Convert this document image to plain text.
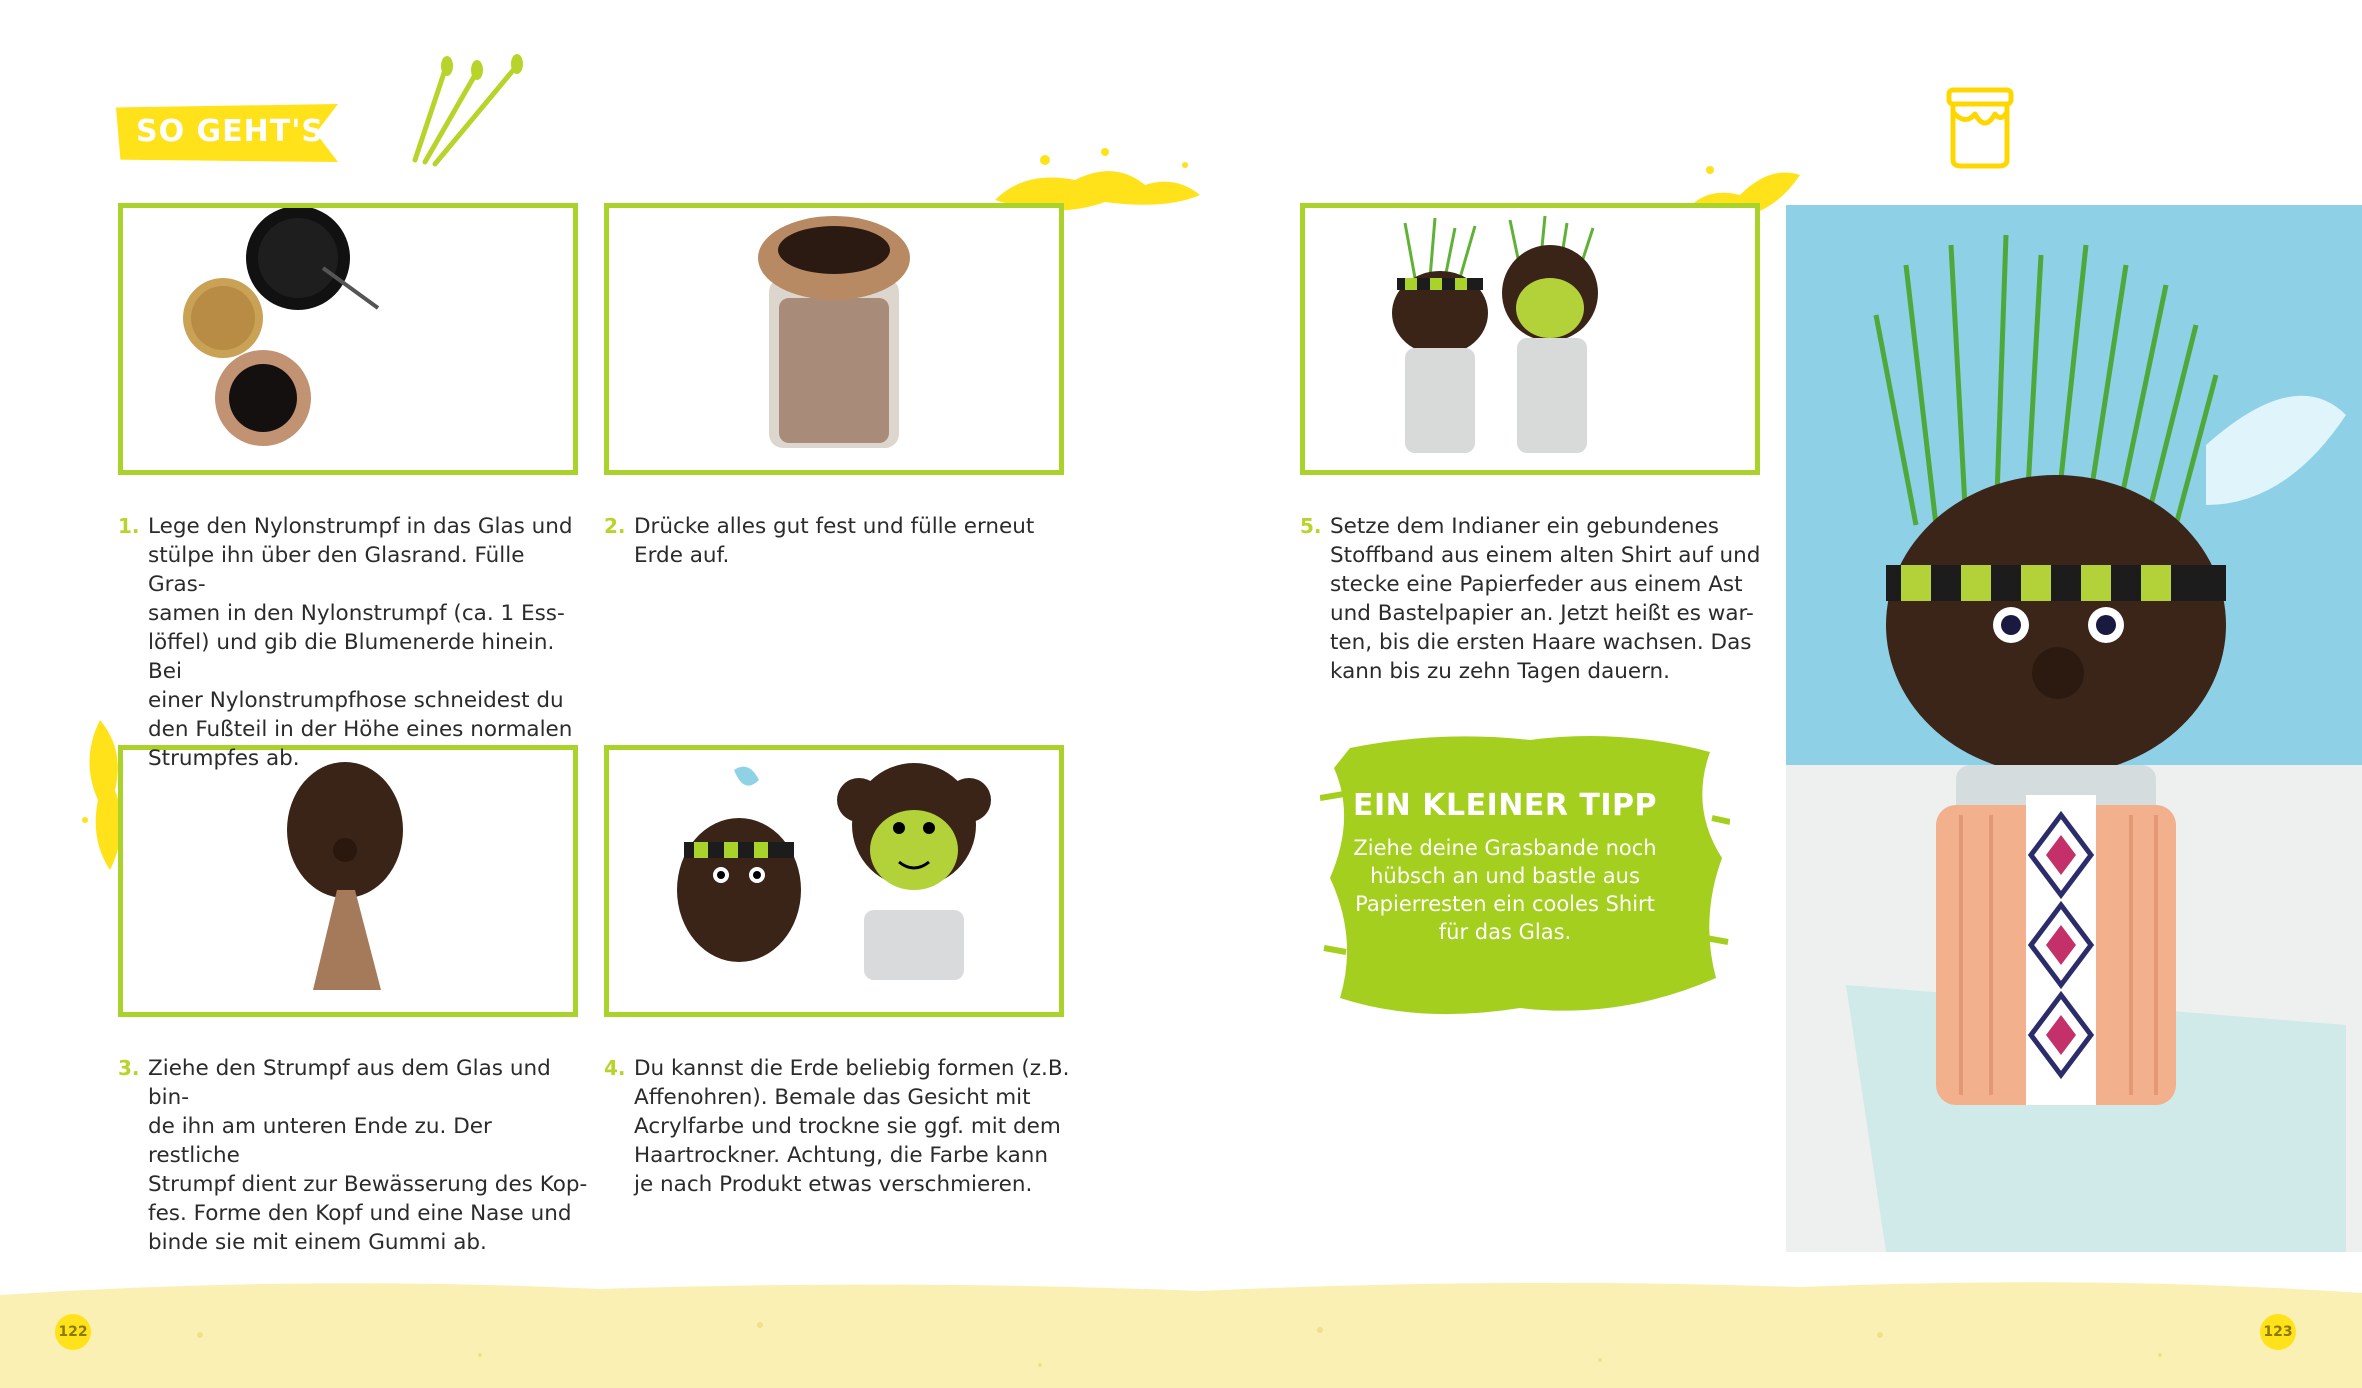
SO GEHT'S:
1. Lege den Nylonstrumpf in das Glas und
stülpe ihn über den Glasrand. Fülle Gras-
samen in den Nylonstrumpf (ca. 1 Ess-
löffel) und gib die Blumenerde hinein. Bei
einer Nylonstrumpfhose schneidest du
den Fußteil in der Höhe eines normalen
Strumpfes ab.
2. Drücke alles gut fest und fülle erneut
Erde auf.
3. Ziehe den Strumpf aus dem Glas und bin-
de ihn am unteren Ende zu. Der restliche
Strumpf dient zur Bewässerung des Kop-
fes. Forme den Kopf und eine Nase und
binde sie mit einem Gummi ab.
4. Du kannst die Erde beliebig formen (z.B.
Affenohren). Bemale das Gesicht mit
Acrylfarbe und trockne sie ggf. mit dem
Haartrockner. Achtung, die Farbe kann
je nach Produkt etwas verschmieren.
5. Setze dem Indianer ein gebundenes
Stoffband aus einem alten Shirt auf und
stecke eine Papierfeder aus einem Ast
und Bastelpapier an. Jetzt heißt es war-
ten, bis die ersten Haare wachsen. Das
kann bis zu zehn Tagen dauern.
EIN KLEINER TIPP
Ziehe deine Grasbande noch
hübsch an und bastle aus
Papierresten ein cooles Shirt
für das Glas.
122	123
